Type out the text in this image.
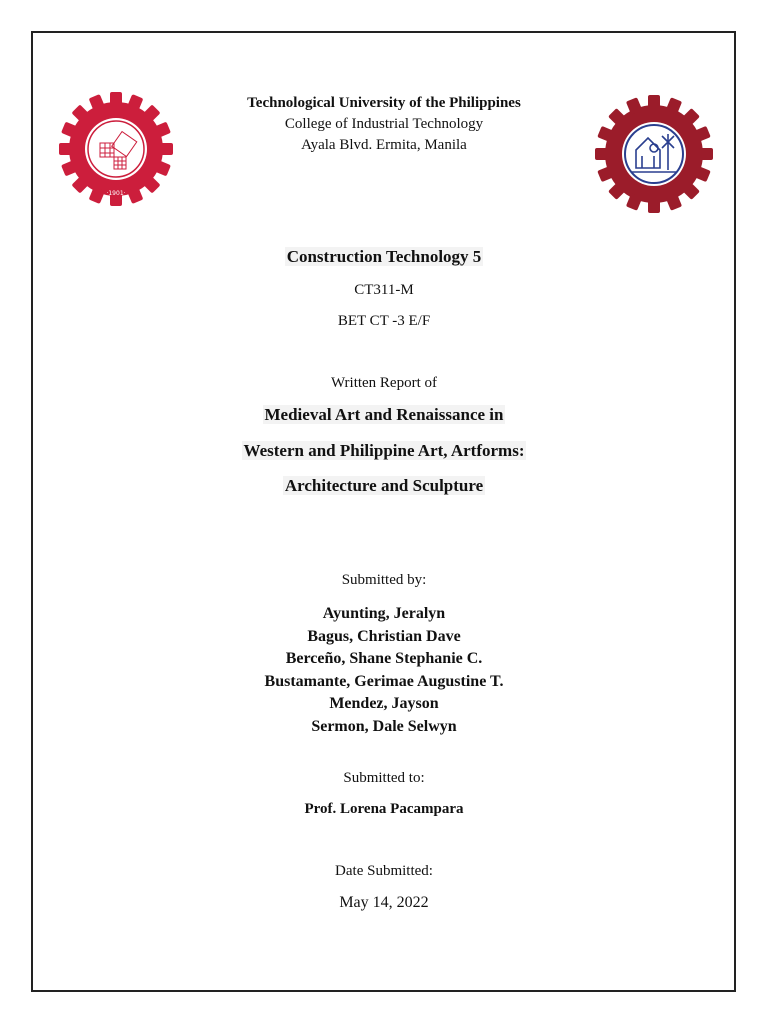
·1901·
Technological University of the Philippines
College of Industrial Technology
Ayala Blvd. Ermita, Manila
Construction Technology 5
CT311-M
BET CT -3 E/F
Written Report of
Medieval Art and Renaissance in
Western and Philippine Art, Artforms:
Architecture and Sculpture
Submitted by:
Ayunting, Jeralyn
Bagus, Christian Dave
Berceño, Shane Stephanie C.
Bustamante, Gerimae Augustine T.
Mendez, Jayson
Sermon, Dale Selwyn
Submitted to:
Prof. Lorena Pacampara
Date Submitted:
May 14, 2022
